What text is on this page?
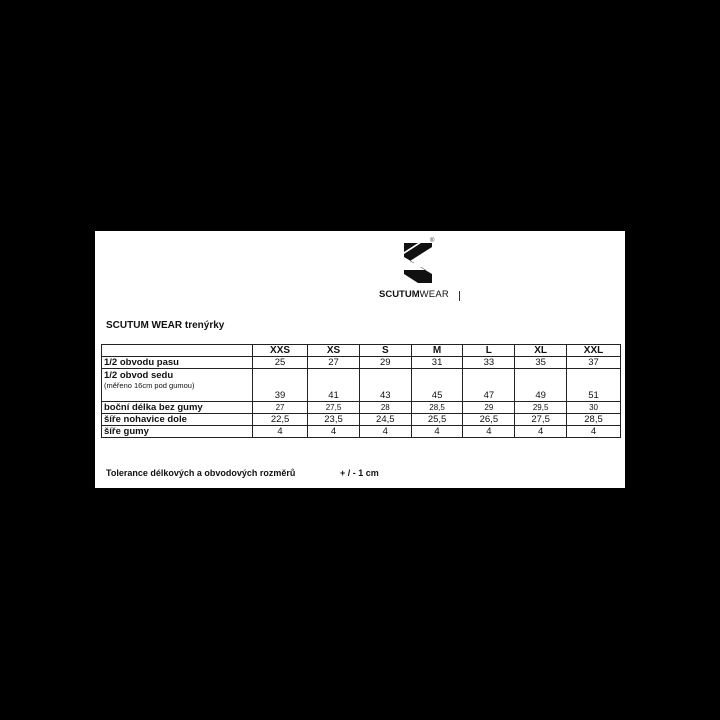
®
SCUTUMWEAR
SCUTUM WEAR trenýrky
	XXS	XS	S	M	L	XL	XXL
1/2 obvodu pasu	25	27	29	31	33	35	37
1/2 obvod sedu
(měřeno 16cm pod gumou)	39	41	43	45	47	49	51
boční délka bez gumy	27	27,5	28	28,5	29	29,5	30
šíře nohavice dole	22,5	23,5	24,5	25,5	26,5	27,5	28,5
šíře gumy	4	4	4	4	4	4	4
Tolerance délkových a obvodových rozměrů	+ / - 1 cm
